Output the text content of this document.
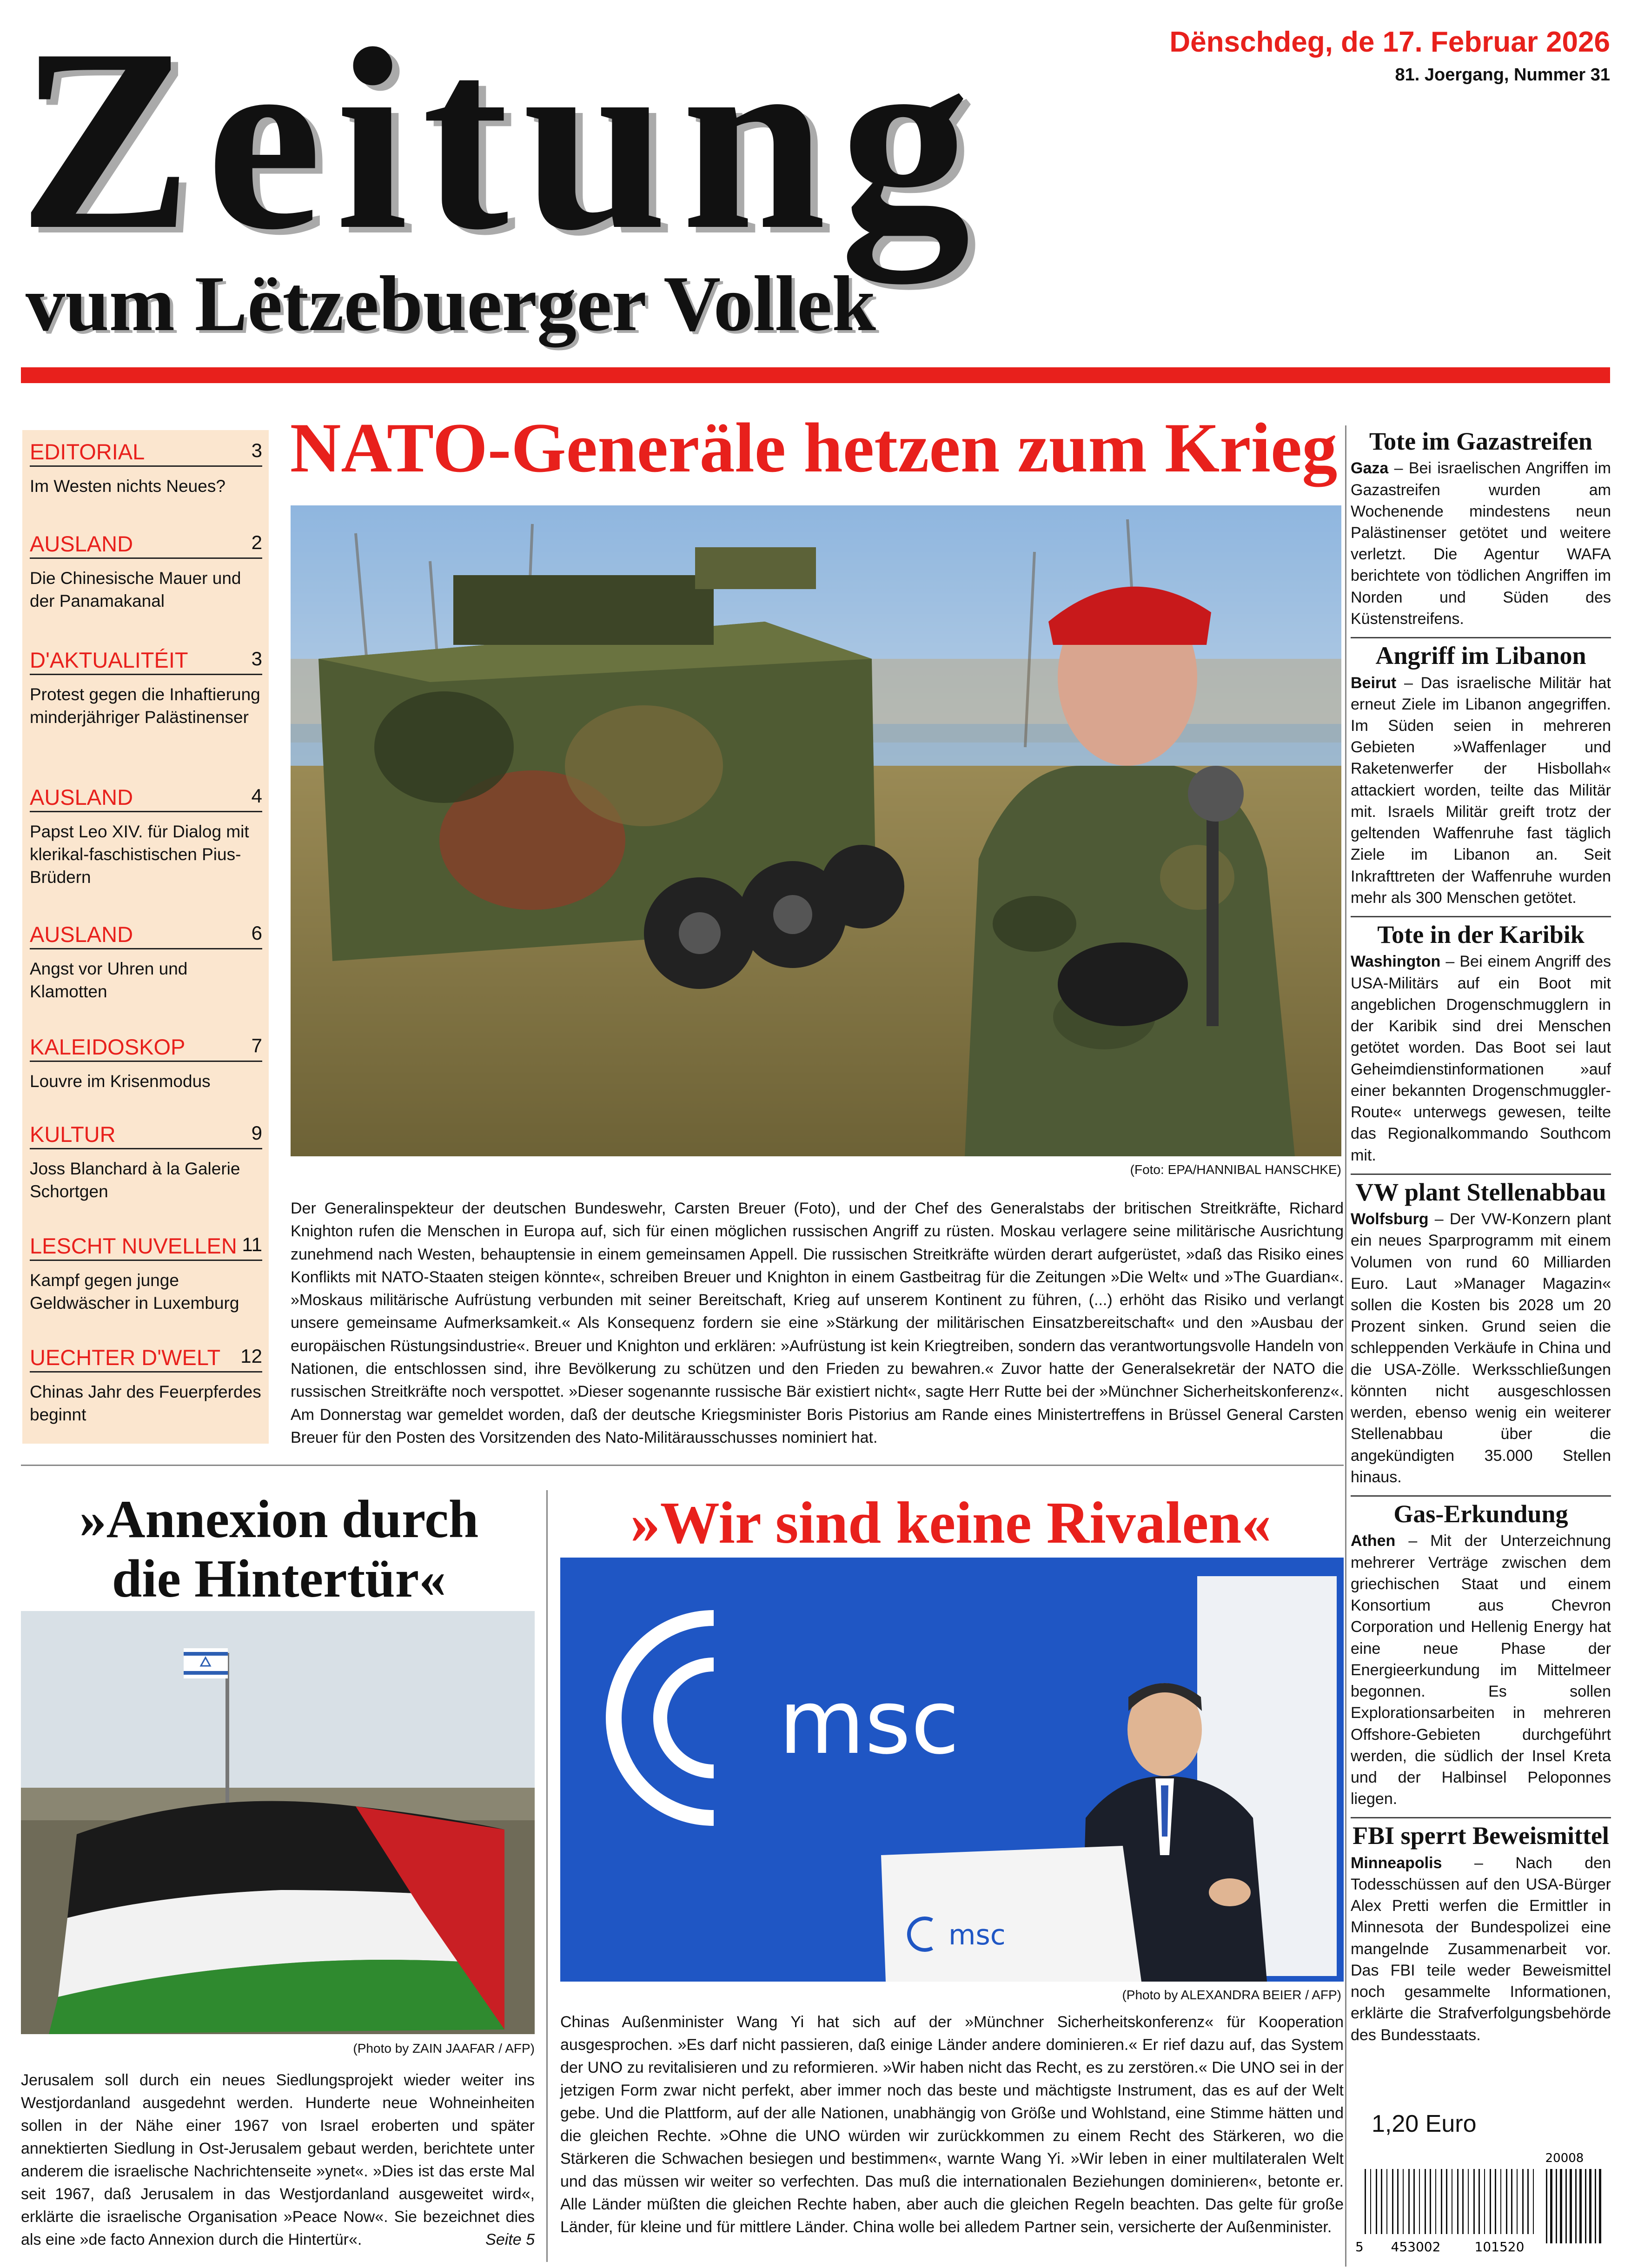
Zeitung
vum Lëtzebuerger Vollek
Dënschdeg, de 17. Februar 2026
81. Joergang, Nummer 31
EDITORIAL	3
Im Westen nichts Neues?
AUSLAND	2
Die Chinesische Mauer und der Panamakanal
D'AKTUALITÉIT	3
Protest gegen die Inhaftierung minderjähriger Palästinenser
AUSLAND	4
Papst Leo XIV. für Dialog mit klerikal-faschistischen Pius-Brüdern
AUSLAND	6
Angst vor Uhren und Klamotten
KALEIDOSKOP	7
Louvre im Krisenmodus
KULTUR	9
Joss Blanchard à la Galerie Schortgen
LESCHT NUVELLEN 11
Kampf gegen junge Geldwäscher in Luxemburg
UECHTER D'WELT 12
Chinas Jahr des Feuerpferdes beginnt
NATO-Generäle hetzen zum Krieg
(Foto: EPA/HANNIBAL HANSCHKE)
Der Generalinspekteur der deutschen Bundeswehr, Carsten Breuer (Foto), und der Chef des Generalstabs der britischen Streitkräfte, Richard Knighton rufen die Menschen in Europa auf, sich für einen möglichen russischen Angriff zu rüsten. Moskau verlagere seine militärische Ausrichtung zunehmend nach Westen, behauptensie in einem gemeinsamen Appell. Die russischen Streitkräfte würden derart aufgerüstet, »daß das Risiko eines Konflikts mit NATO-Staaten steigen könnte«, schreiben Breuer und Knighton in einem Gastbeitrag für die Zeitungen »Die Welt« und »The Guardian«. »Moskaus militärische Aufrüstung verbunden mit seiner Bereitschaft, Krieg auf unserem Kontinent zu führen, (...) erhöht das Risiko und verlangt unsere gemeinsame Aufmerksamkeit.« Als Konsequenz fordern sie eine »Stärkung der militärischen Einsatzbereitschaft« und den »Ausbau der europäischen Rüstungsindustrie«. Breuer und Knighton und erklären: »Aufrüstung ist kein Kriegtreiben, sondern das verantwortungsvolle Handeln von Nationen, die entschlossen sind, ihre Bevölkerung zu schützen und den Frieden zu bewahren.« Zuvor hatte der Generalsekretär der NATO die russischen Streitkräfte noch verspottet. »Dieser sogenannte russische Bär existiert nicht«, sagte Herr Rutte bei der »Münchner Sicherheitskonferenz«. Am Donnerstag war gemeldet worden, daß der deutsche Kriegsminister Boris Pistorius am Rande eines Ministertreffens in Brüssel General Carsten Breuer für den Posten des Vorsitzenden des Nato-Militärausschusses nominiert hat.
Tote im Gazastreifen
Gaza – Bei israelischen Angriffen im Gazastreifen wurden am Wochenende mindestens neun Palästinenser getötet und weitere verletzt. Die Agentur WAFA berichtete von tödlichen Angriffen im Norden und Süden des Küstenstreifens.
Angriff im Libanon
Beirut – Das israelische Militär hat erneut Ziele im Libanon angegriffen. Im Süden seien in mehreren Gebieten »Waffenlager und Raketenwerfer der Hisbollah« attackiert worden, teilte das Militär mit. Israels Militär greift trotz der geltenden Waffenruhe fast täglich Ziele im Libanon an. Seit Inkrafttreten der Waffenruhe wurden mehr als 300 Menschen getötet.
Tote in der Karibik
Washington – Bei einem Angriff des USA-Militärs auf ein Boot mit angeblichen Drogenschmugglern in der Karibik sind drei Menschen getötet worden. Das Boot sei laut Geheimdienstinformationen »auf einer bekannten Drogenschmuggler-Route« unterwegs gewesen, teilte das Regionalkommando Southcom mit.
VW plant Stellenabbau
Wolfsburg – Der VW-Konzern plant ein neues Sparprogramm mit einem Volumen von rund 60 Milliarden Euro. Laut »Manager Magazin« sollen die Kosten bis 2028 um 20 Prozent sinken. Grund seien die schleppenden Verkäufe in China und die USA-Zölle. Werksschließungen könnten nicht ausgeschlossen werden, ebenso wenig ein weiterer Stellenabbau über die angekündigten 35.000 Stellen hinaus.
Gas-Erkundung
Athen – Mit der Unterzeichnung mehrerer Verträge zwischen dem griechischen Staat und einem Konsortium aus Chevron Corporation und Hellenig Energy hat eine neue Phase der Energieerkundung im Mittelmeer begonnen. Es sollen Explorationsarbeiten in mehreren Offshore-Gebieten durchgeführt werden, die südlich der Insel Kreta und der Halbinsel Peloponnes liegen.
FBI sperrt Beweismittel
Minneapolis – Nach den Todesschüssen auf den USA-Bürger Alex Pretti werfen die Ermittler in Minnesota der Bundespolizei eine mangelnde Zusammenarbeit vor. Das FBI teile weder Beweismittel noch gesammelte Informationen, erklärte die Strafverfolgungsbehörde des Bundesstaats.
»Annexion durch
die Hintertür«
(Photo by ZAIN JAAFAR / AFP)
Jerusalem soll durch ein neues Siedlungsprojekt wieder weiter ins Westjordanland ausgedehnt werden. Hunderte neue Wohneinheiten sollen in der Nähe einer 1967 von Israel eroberten und später annektierten Siedlung in Ost-Jerusalem gebaut werden, berichtete unter anderem die israelische Nachrichtenseite »ynet«. »Dies ist das erste Mal seit 1967, daß Jerusalem in das Westjordanland ausgeweitet wird«, erklärte die israelische Organisation »Peace Now«. Sie bezeichnet dies als eine »de facto Annexion durch die Hintertür«.	Seite 5
»Wir sind keine Rivalen«
msc
msc
(Photo by ALEXANDRA BEIER / AFP)
Chinas Außenminister Wang Yi hat sich auf der »Münchner Sicherheitskonferenz« für Kooperation ausgesprochen. »Es darf nicht passieren, daß einige Länder andere dominieren.« Er rief dazu auf, das System der UNO zu revitalisieren und zu reformieren. »Wir haben nicht das Recht, es zu zerstören.« Die UNO sei in der jetzigen Form zwar nicht perfekt, aber immer noch das beste und mächtigste Instrument, das es auf der Welt gebe. Und die Plattform, auf der alle Nationen, unabhängig von Größe und Wohlstand, eine Stimme hätten und die gleichen Rechte. »Ohne die UNO würden wir zurückkommen zu einem Recht des Stärkeren, wo die Stärkeren die Schwachen besiegen und bestimmen«, warnte Wang Yi. »Wir leben in einer multilateralen Welt und das müssen wir weiter so verfechten. Das muß die internationalen Beziehungen dominieren«, betonte er. Alle Länder müßten die gleichen Rechte haben, aber auch die gleichen Regeln beachten. Das gelte für große Länder, für kleine und für mittlere Länder. China wolle bei alledem Partner sein, versicherte der Außenminister.
1,20 Euro
20008
5 453002	101520
